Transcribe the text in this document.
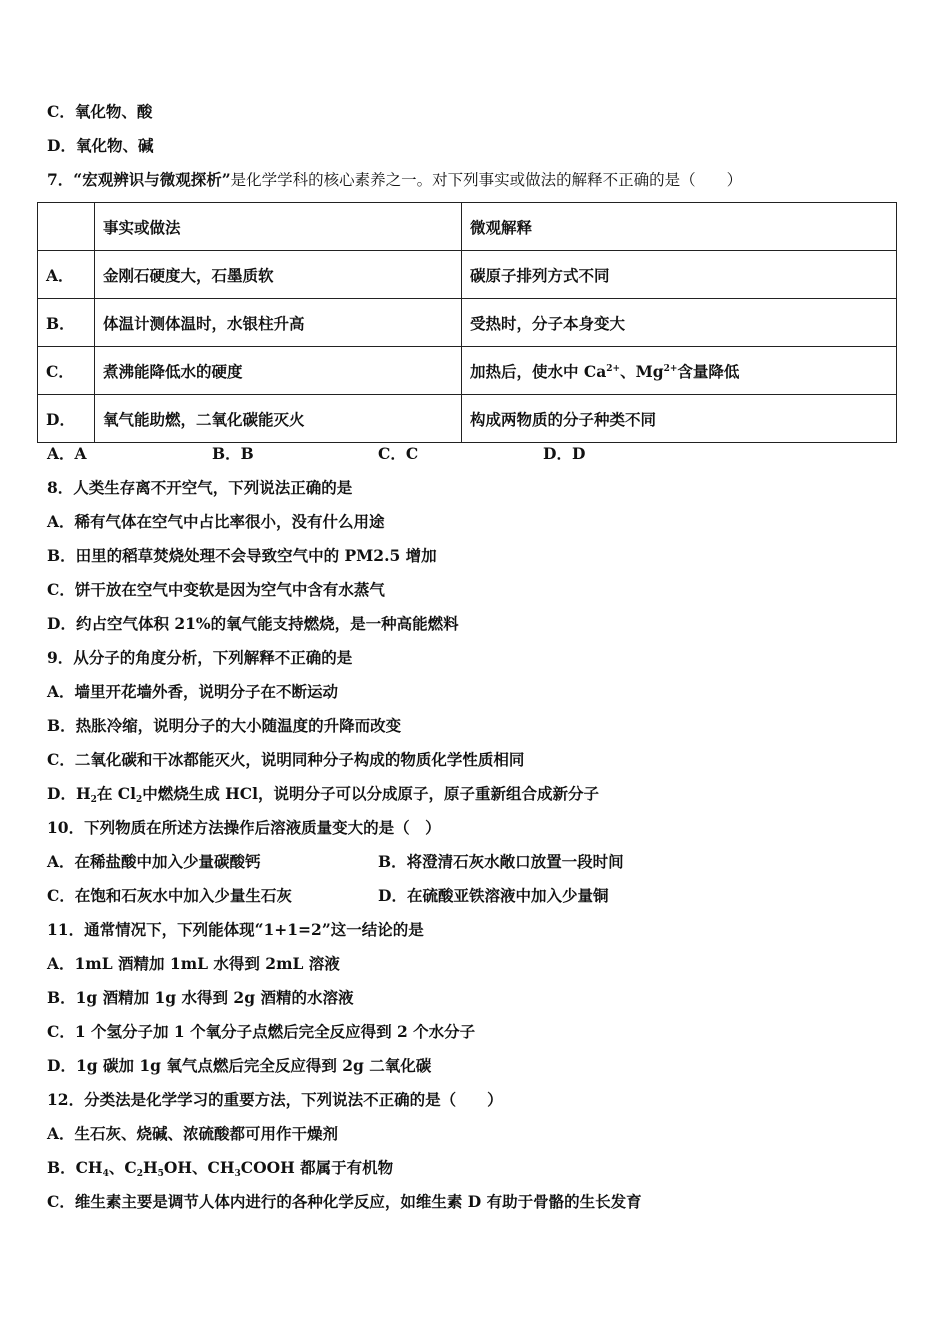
C．氧化物、酸
D．氧化物、碱
7．“宏观辨识与微观探析”是化学学科的核心素养之一。对下列事实或做法的解释不正确的是（　　）
	事实或做法	微观解释
A．	金刚石硬度大，石墨质软	碳原子排列方式不同
B．	体温计测体温时，水银柱升高	受热时，分子本身变大
C．	煮沸能降低水的硬度	加热后，使水中 $Ca^{2+}$、$Mg^{2+}$含量降低
D．	氧气能助燃，二氧化碳能灭火	构成两物质的分子种类不同
A．A	B．B	C．C	D．D
8．人类生存离不开空气，下列说法正确的是
A．稀有气体在空气中占比率很小，没有什么用途
B．田里的稻草焚烧处理不会导致空气中的 PM2.5 增加
C．饼干放在空气中变软是因为空气中含有水蒸气
D．约占空气体积 21%的氧气能支持燃烧，是一种高能燃料
9．从分子的角度分析，下列解释不正确的是
A．墙里开花墙外香，说明分子在不断运动
B．热胀冷缩，说明分子的大小随温度的升降而改变
C．二氧化碳和干冰都能灭火，说明同种分子构成的物质化学性质相同
D．$H_2$在 $Cl_2$中燃烧生成 HCl，说明分子可以分成原子，原子重新组合成新分子
10．下列物质在所述方法操作后溶液质量变大的是（　）
A．在稀盐酸中加入少量碳酸钙	B．将澄清石灰水敞口放置一段时间
C．在饱和石灰水中加入少量生石灰	D．在硫酸亚铁溶液中加入少量铜
11．通常情况下，下列能体现“1+1=2”这一结论的是
A．1mL 酒精加 1mL 水得到 2mL 溶液
B．1g 酒精加 1g 水得到 2g 酒精的水溶液
C．1 个氢分子加 1 个氧分子点燃后完全反应得到 2 个水分子
D．1g 碳加 1g 氧气点燃后完全反应得到 2g 二氧化碳
12．分类法是化学学习的重要方法，下列说法不正确的是（　　）
A．生石灰、烧碱、浓硫酸都可用作干燥剂
B．$CH_4$、$C_2H_5OH$、$CH_3COOH$ 都属于有机物
C．维生素主要是调节人体内进行的各种化学反应，如维生素 D 有助于骨骼的生长发育
